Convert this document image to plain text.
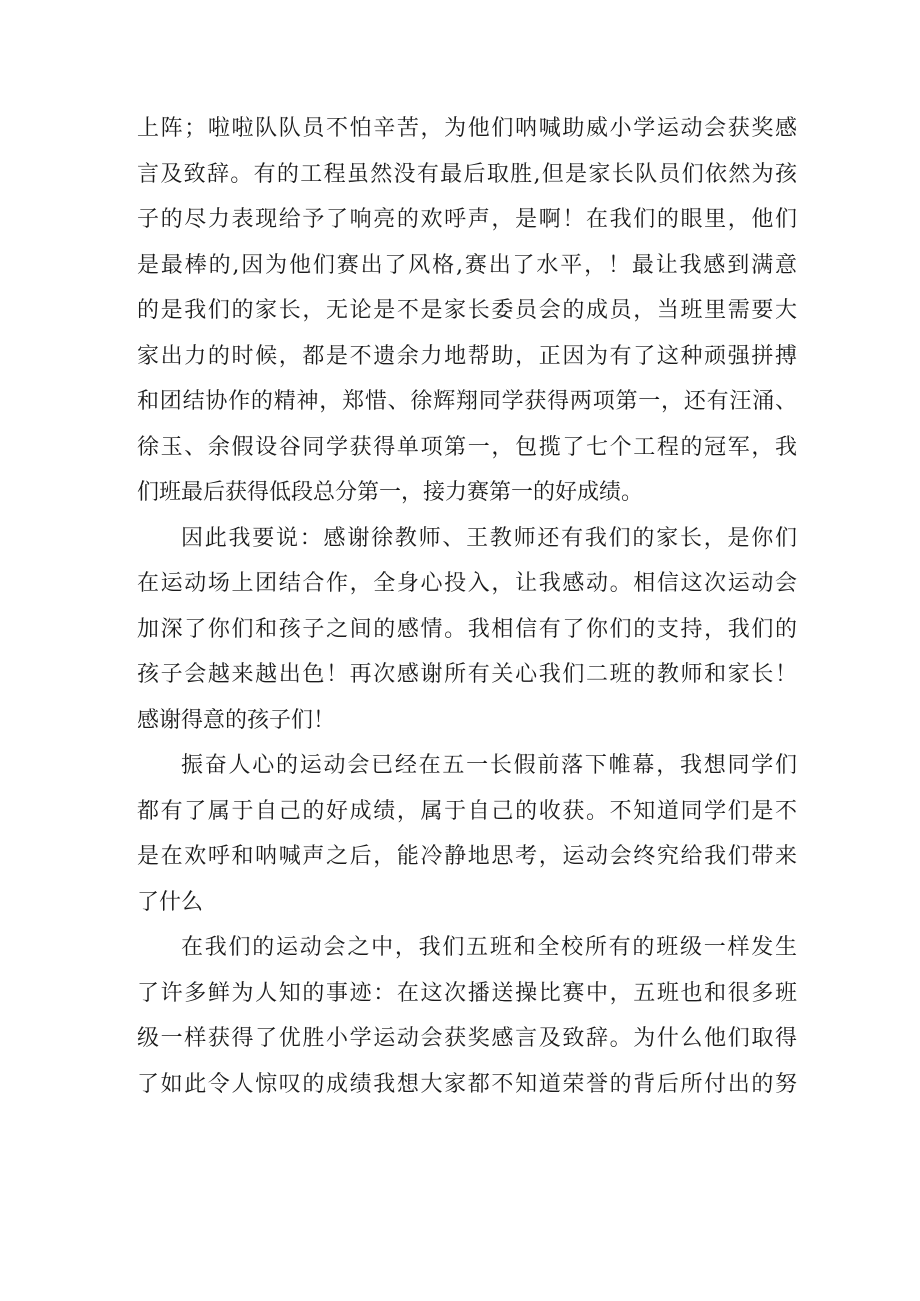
上阵；啦啦队队员不怕辛苦，为他们呐喊助威小学运动会获奖感
言及致辞。有的工程虽然没有最后取胜,但是家长队员们依然为孩
子的尽力表现给予了响亮的欢呼声，是啊！在我们的眼里，他们
是最棒的,因为他们赛出了风格,赛出了水平，！最让我感到满意
的是我们的家长，无论是不是家长委员会的成员，当班里需要大
家出力的时候，都是不遗余力地帮助，正因为有了这种顽强拼搏
和团结协作的精神，郑惜、徐辉翔同学获得两项第一，还有汪涌、
徐玉、余假设谷同学获得单项第一，包揽了七个工程的冠军，我
们班最后获得低段总分第一，接力赛第一的好成绩。
因此我要说：感谢徐教师、王教师还有我们的家长，是你们
在运动场上团结合作，全身心投入，让我感动。相信这次运动会
加深了你们和孩子之间的感情。我相信有了你们的支持，我们的
孩子会越来越出色！再次感谢所有关心我们二班的教师和家长！
感谢得意的孩子们！
振奋人心的运动会已经在五一长假前落下帷幕，我想同学们
都有了属于自己的好成绩，属于自己的收获。不知道同学们是不
是在欢呼和呐喊声之后，能冷静地思考，运动会终究给我们带来
了什么
在我们的运动会之中，我们五班和全校所有的班级一样发生
了许多鲜为人知的事迹：在这次播送操比赛中，五班也和很多班
级一样获得了优胜小学运动会获奖感言及致辞。为什么他们取得
了如此令人惊叹的成绩我想大家都不知道荣誉的背后所付出的努
